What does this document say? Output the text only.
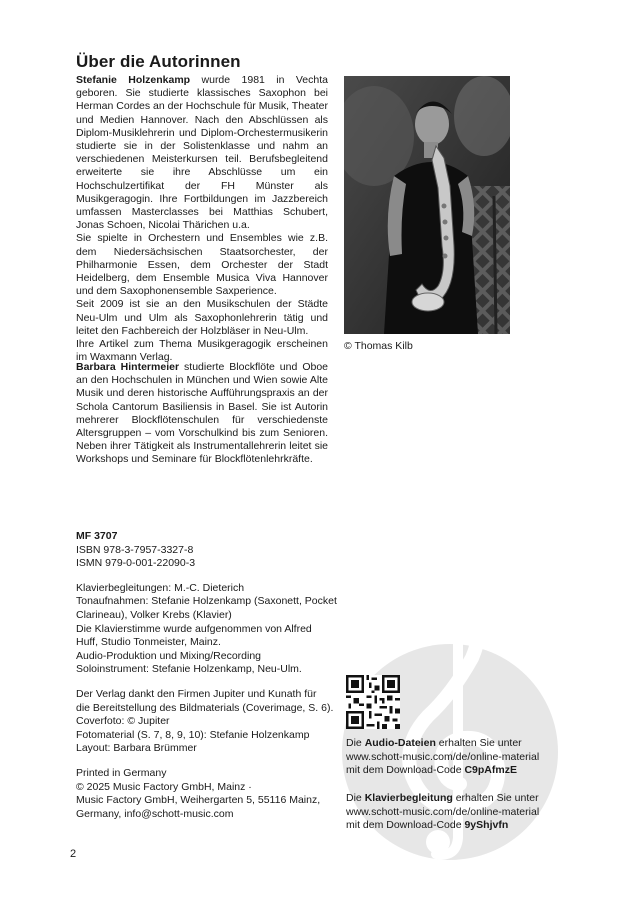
Über die Autorinnen

Stefanie Holzenkamp wurde 1981 in Vechta geboren. Sie studierte klassisches Saxophon bei Herman Cordes an der Hochschule für Musik, Theater und Medien Hannover. Nach den Abschlüssen als Diplom-Musiklehrerin und Diplom-Orchestermusikerin studierte sie in der Solistenklasse und nahm an verschiedenen Meisterkursen teil. Berufsbegleitend erweiterte sie ihre Abschlüsse um ein Hochschulzertifikat der FH Münster als Musikgeragogin. Ihre Fortbildungen im Jazzbereich umfassen Masterclasses bei Matthias Schubert, Jonas Schoen, Nicolai Thärichen u.a.

Sie spielte in Orchestern und Ensembles wie z.B. dem Niedersächsischen Staatsorchester, der Philharmonie Essen, dem Orchester der Stadt Heidelberg, dem Ensemble Musica Viva Hannover und dem Saxophonensemble Saxperience.

Seit 2009 ist sie an den Musikschulen der Städte Neu-Ulm und Ulm als Saxophonlehrerin tätig und leitet den Fachbereich der Holzbläser in Neu-Ulm.

Ihre Artikel zum Thema Musikgeragogik erscheinen im Waxmann Verlag.

Barbara Hintermeier studierte Blockflöte und Oboe an den Hochschulen in München und Wien sowie Alte Musik und deren historische Aufführungspraxis an der Schola Cantorum Basiliensis in Basel. Sie ist Autorin mehrerer Blockflötenschulen für verschiedenste Altersgruppen – vom Vorschulkind bis zum Senioren. Neben ihrer Tätigkeit als Instrumentallehrerin leitet sie Workshops und Seminare für Blockflötenlehrkräfte.

© Thomas Kilb
Die Audio-Dateien erhalten Sie unter
www.schott-music.com/de/online-material
mit dem Download-Code C9pAfmzE
Die Klavierbegleitung erhalten Sie unter
www.schott-music.com/de/online-material
mit dem Download-Code 9yShjvfn
MF 3707
ISBN 978-3-7957-3327-8
ISMN 979-0-001-22090-3
Klavierbegleitungen: M.-C. Dieterich
Tonaufnahmen: Stefanie Holzenkamp (Saxonett, Pocket
Clarineau), Volker Krebs (Klavier)
Die Klavierstimme wurde aufgenommen von Alfred
Huff, Studio Tonmeister, Mainz.
Audio-Produktion und Mixing/Recording
Soloinstrument: Stefanie Holzenkamp, Neu-Ulm.
Der Verlag dankt den Firmen Jupiter und Kunath für
die Bereitstellung des Bildmaterials (Coverimage, S. 6).
Coverfoto: © Jupiter
Fotomaterial (S. 7, 8, 9, 10): Stefanie Holzenkamp
Layout: Barbara Brümmer
Printed in Germany
© 2025 Music Factory GmbH, Mainz ·
Music Factory GmbH, Weihergarten 5, 55116 Mainz,
Germany, info@schott-music.com
2
